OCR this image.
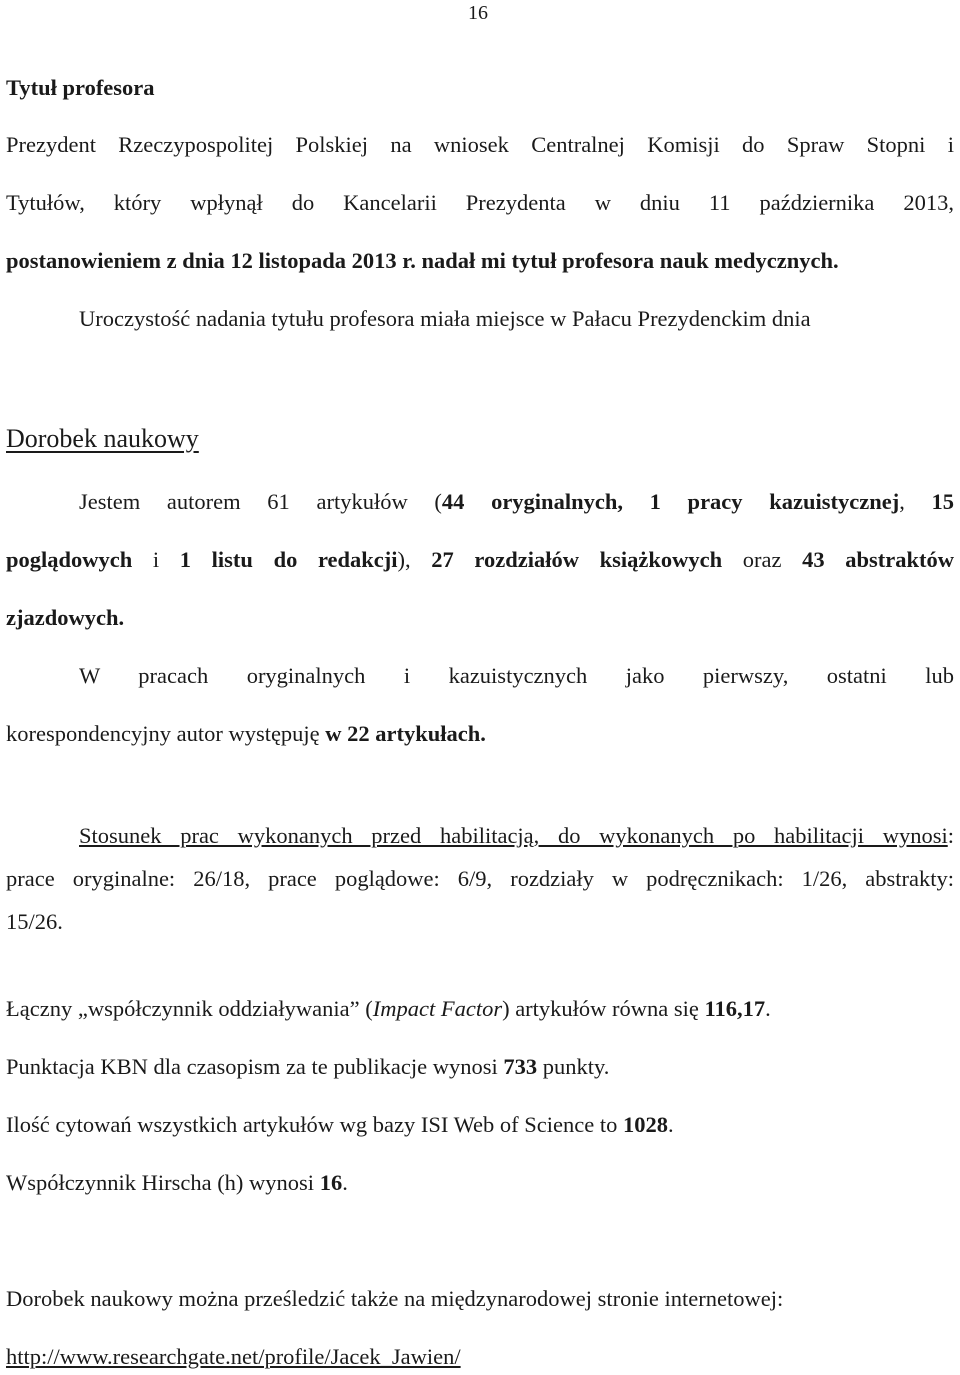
16
Tytuł profesora
Prezydent Rzeczypospolitej Polskiej na wniosek Centralnej Komisji do Spraw Stopni i
Tytułów, który wpłynął do Kancelarii Prezydenta w dniu 11 października 2013,
postanowieniem z dnia 12 listopada 2013 r. nadał mi tytuł profesora nauk medycznych.
Uroczystość nadania tytułu profesora miała miejsce w Pałacu Prezydenckim dnia
Dorobek naukowy
Jestem autorem 61 artykułów (44 oryginalnych, 1 pracy kazuistycznej, 15
poglądowych i 1 listu do redakcji), 27 rozdziałów książkowych oraz 43 abstraktów
zjazdowych.
W pracach oryginalnych i kazuistycznych jako pierwszy, ostatni lub
korespondencyjny autor występuję w 22 artykułach.
Stosunek prac wykonanych przed habilitacją, do wykonanych po habilitacji wynosi:
prace oryginalne: 26/18, prace poglądowe: 6/9, rozdziały w podręcznikach: 1/26, abstrakty:
15/26.
Łączny „współczynnik oddziaływania” (Impact Factor) artykułów równa się 116,17.
Punktacja KBN dla czasopism za te publikacje wynosi 733 punkty.
Ilość cytowań wszystkich artykułów wg bazy ISI Web of Science to 1028.
Współczynnik Hirscha (h) wynosi 16.
Dorobek naukowy można prześledzić także na międzynarodowej stronie internetowej:
http://www.researchgate.net/profile/Jacek_Jawien/
